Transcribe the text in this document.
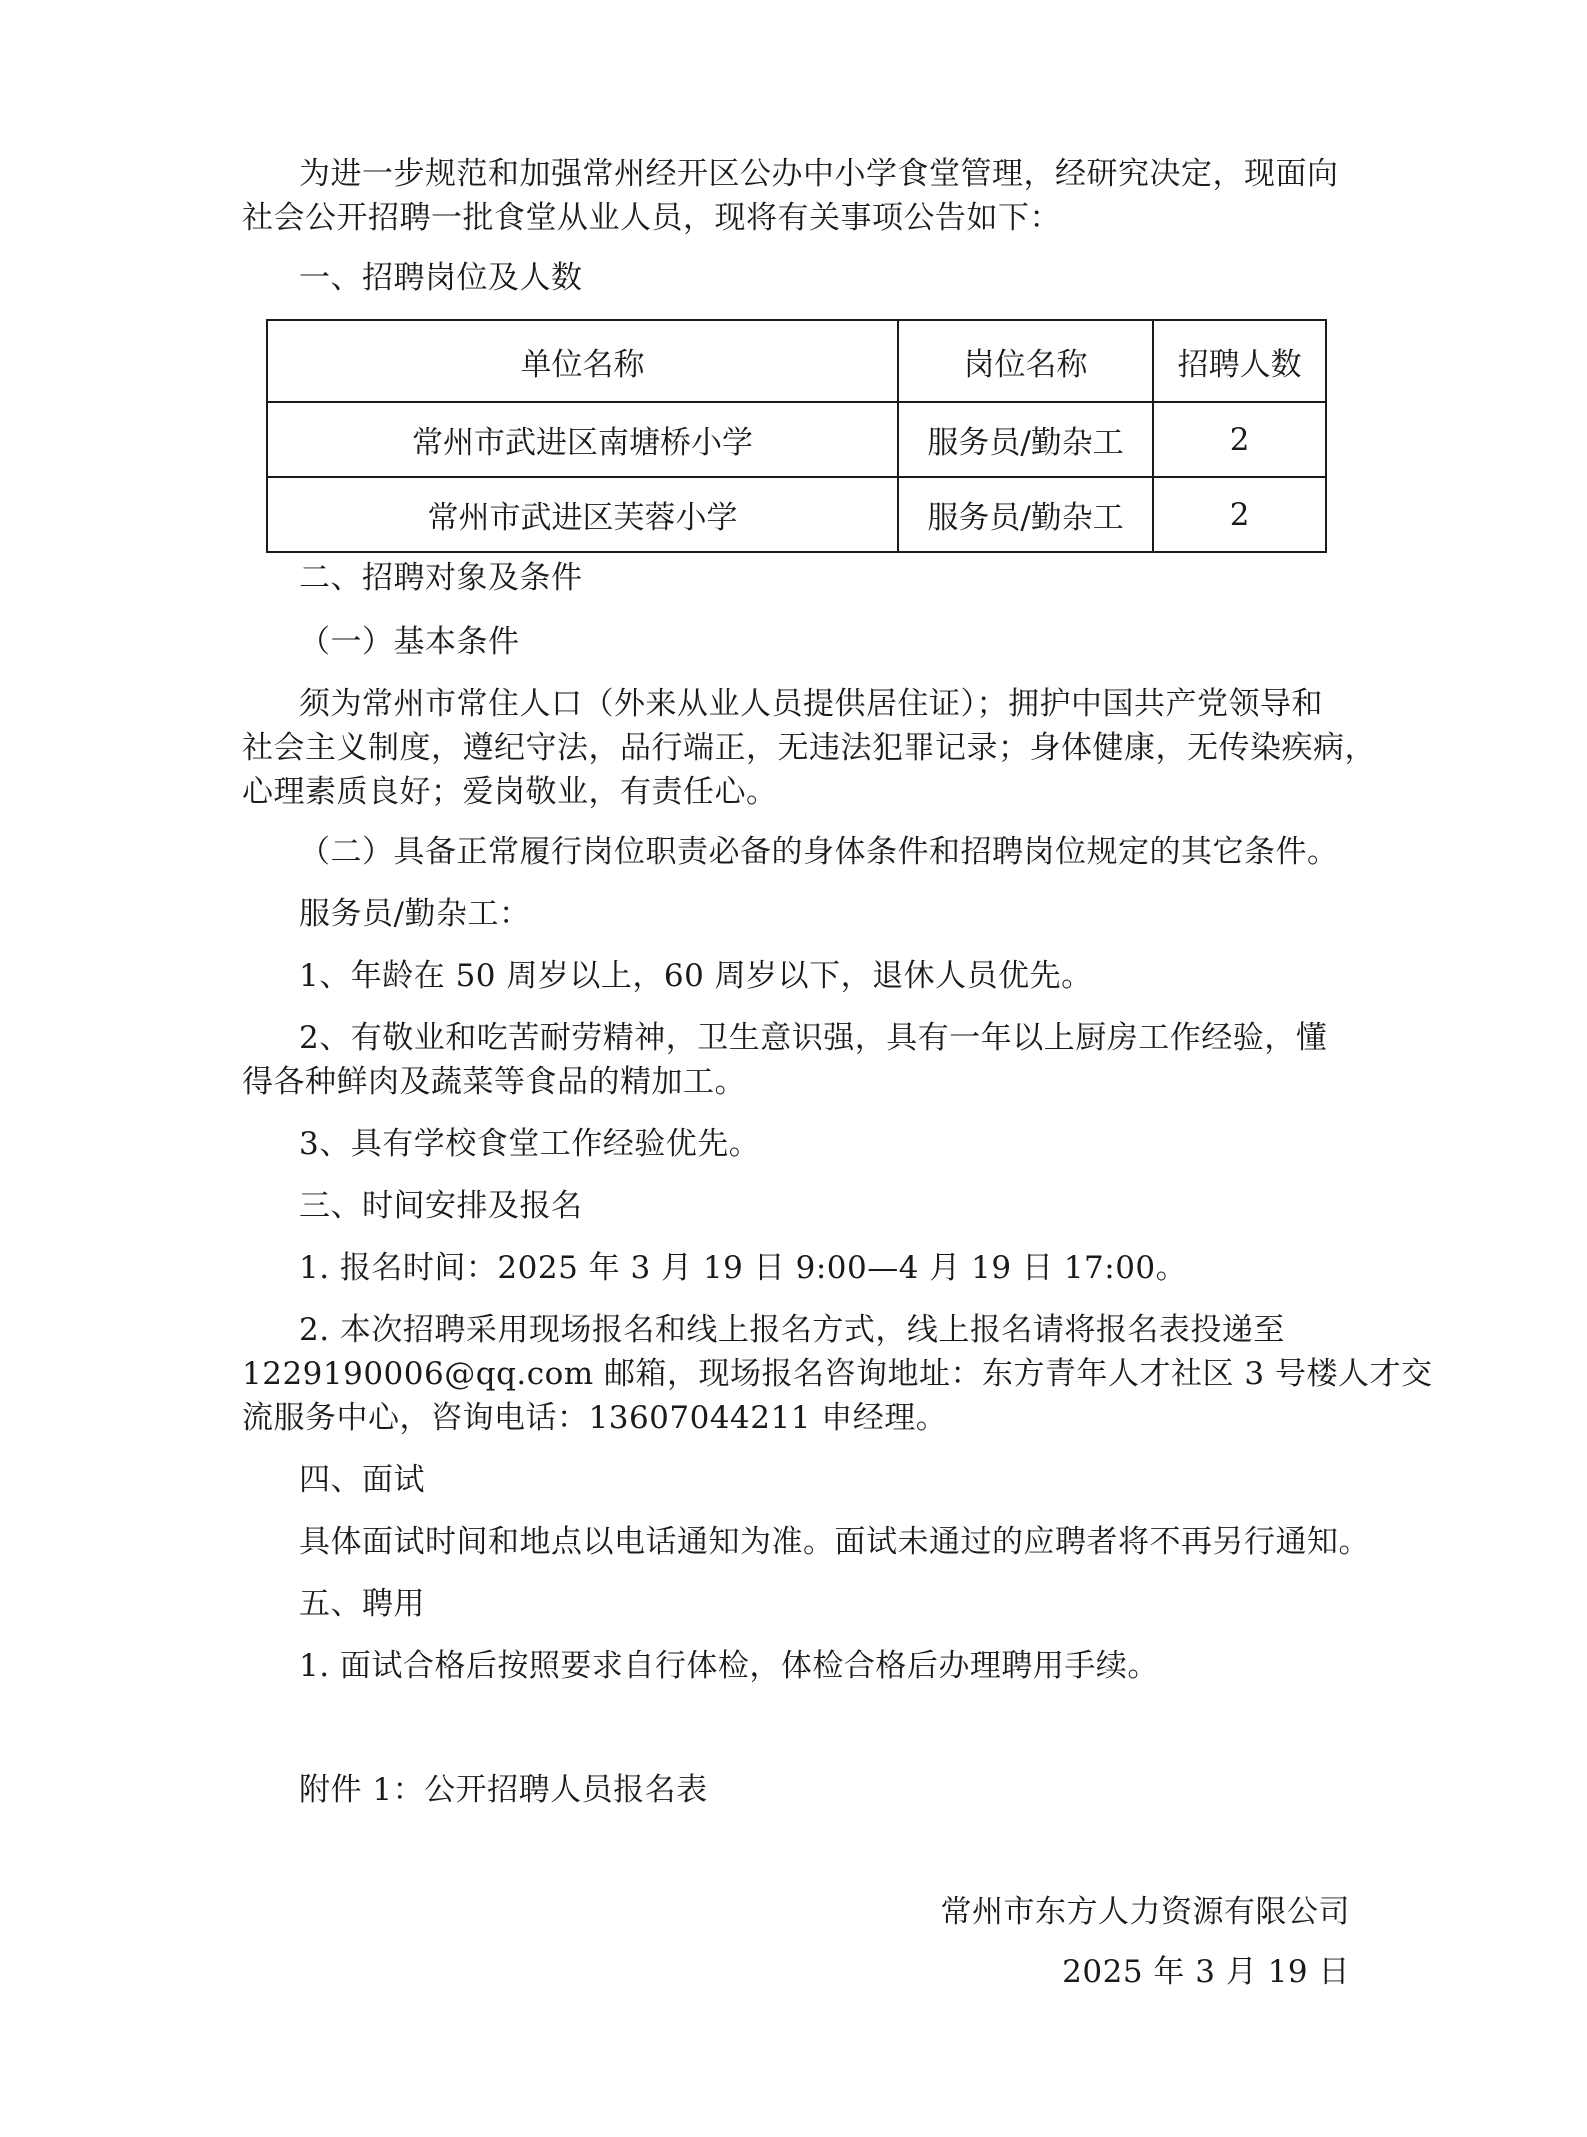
为进一步规范和加强常州经开区公办中小学食堂管理，经研究决定，现面向
社会公开招聘一批食堂从业人员，现将有关事项公告如下：
一、招聘岗位及人数
单位名称	岗位名称	招聘人数
常州市武进区南塘桥小学	服务员/勤杂工	2
常州市武进区芙蓉小学	服务员/勤杂工	2
二、招聘对象及条件
（一）基本条件
须为常州市常住人口（外来从业人员提供居住证）；拥护中国共产党领导和
社会主义制度，遵纪守法，品行端正，无违法犯罪记录；身体健康，无传染疾病，
心理素质良好；爱岗敬业，有责任心。
（二）具备正常履行岗位职责必备的身体条件和招聘岗位规定的其它条件。
服务员/勤杂工：
1、年龄在 50 周岁以上，60 周岁以下，退休人员优先。
2、有敬业和吃苦耐劳精神，卫生意识强，具有一年以上厨房工作经验，懂
得各种鲜肉及蔬菜等食品的精加工。
3、具有学校食堂工作经验优先。
三、时间安排及报名
1. 报名时间：2025 年 3 月 19 日 9:00—4 月 19 日 17:00。
2. 本次招聘采用现场报名和线上报名方式，线上报名请将报名表投递至
1229190006@qq.com 邮箱，现场报名咨询地址：东方青年人才社区 3 号楼人才交
流服务中心，咨询电话：13607044211 申经理。
四、面试
具体面试时间和地点以电话通知为准。面试未通过的应聘者将不再另行通知。
五、聘用
1. 面试合格后按照要求自行体检，体检合格后办理聘用手续。
附件 1：公开招聘人员报名表
常州市东方人力资源有限公司
2025 年 3 月 19 日
